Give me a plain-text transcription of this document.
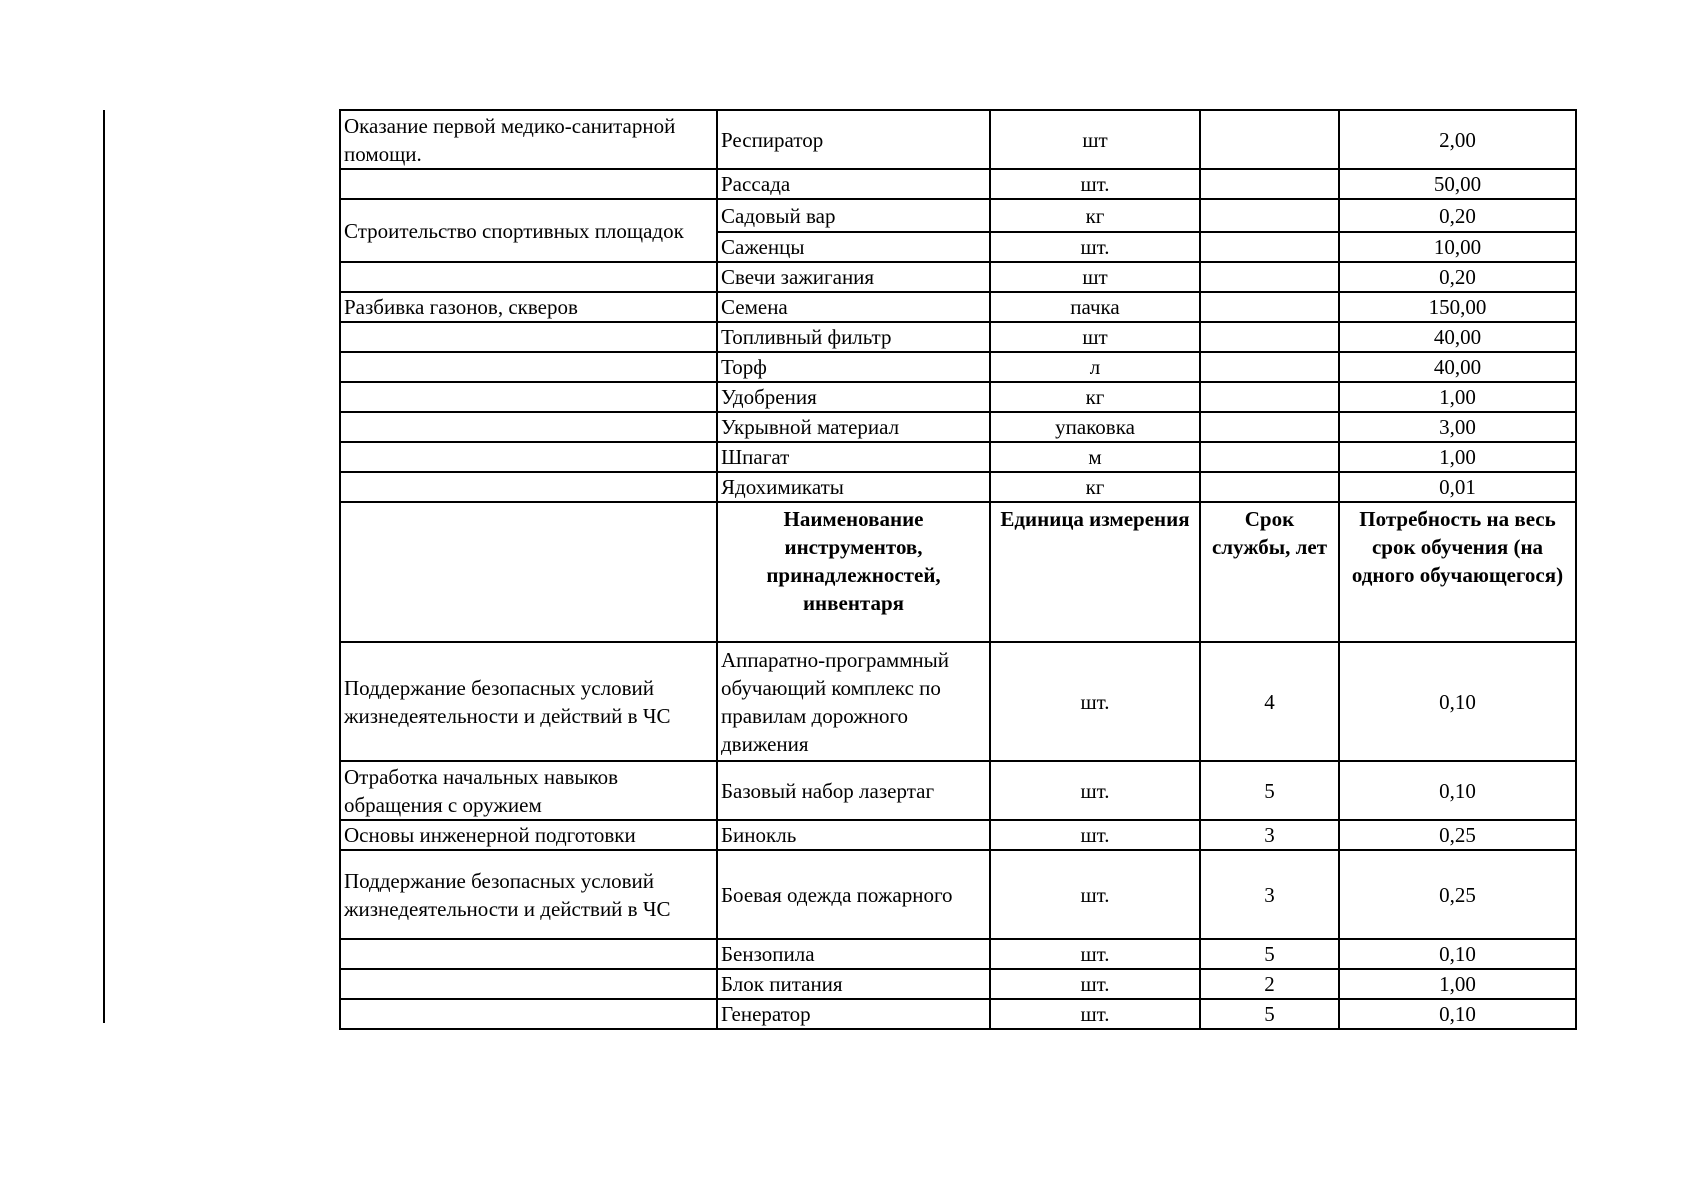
Оказание первой медико-санитарной помощи.	Респиратор	шт		2,00
	Рассада	шт.		50,00
Строительство спортивных площадок	Садовый вар	кг		0,20
	Саженцы	шт.		10,00
	Свечи зажигания	шт		0,20
Разбивка газонов, скверов	Семена	пачка		150,00
	Топливный фильтр	шт		40,00
	Торф	л		40,00
	Удобрения	кг		1,00
	Укрывной материал	упаковка		3,00
	Шпагат	м		1,00
	Ядохимикаты	кг		0,01
	Наименование инструментов, принадлежностей, инвентаря	Единица измерения	Срок службы, лет	Потребность на весь срок обучения (на одного обучающегося)
Поддержание безопасных условий жизнедеятельности и действий в ЧС	Аппаратно-программный обучающий комплекс по правилам дорожного движения	шт.	4	0,10
Отработка начальных навыков обращения с оружием	Базовый набор лазертаг	шт.	5	0,10
Основы инженерной подготовки	Бинокль	шт.	3	0,25
Поддержание безопасных условий жизнедеятельности и действий в ЧС	Боевая одежда пожарного	шт.	3	0,25
	Бензопила	шт.	5	0,10
	Блок питания	шт.	2	1,00
	Генератор	шт.	5	0,10
